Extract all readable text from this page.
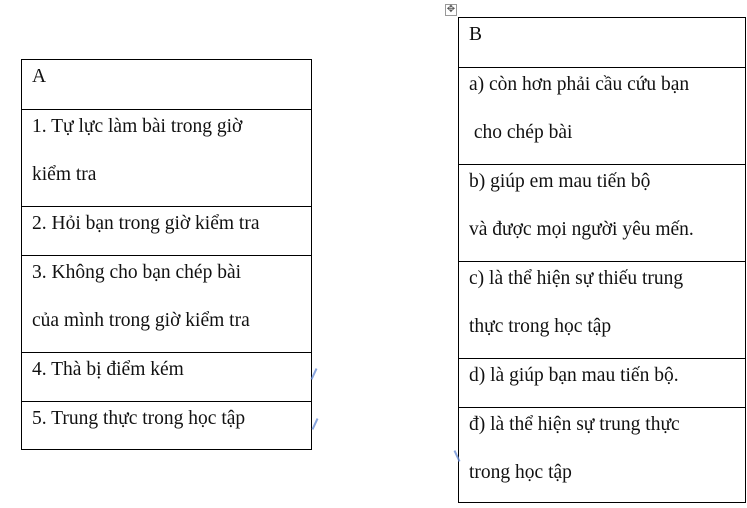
✥
A
1. Tự lực làm bài trong giờ
kiểm tra
2. Hỏi bạn trong giờ kiểm tra
3. Không cho bạn chép bài
của mình trong giờ kiểm tra
4. Thà bị điểm kém
5. Trung thực trong học tập
B
a) còn hơn phải cầu cứu bạn
cho chép bài
b) giúp em mau tiến bộ
và được mọi người yêu mến.
c) là thể hiện sự thiếu trung
thực trong học tập
d) là giúp bạn mau tiến bộ.
đ) là thể hiện sự trung thực
trong học tập
